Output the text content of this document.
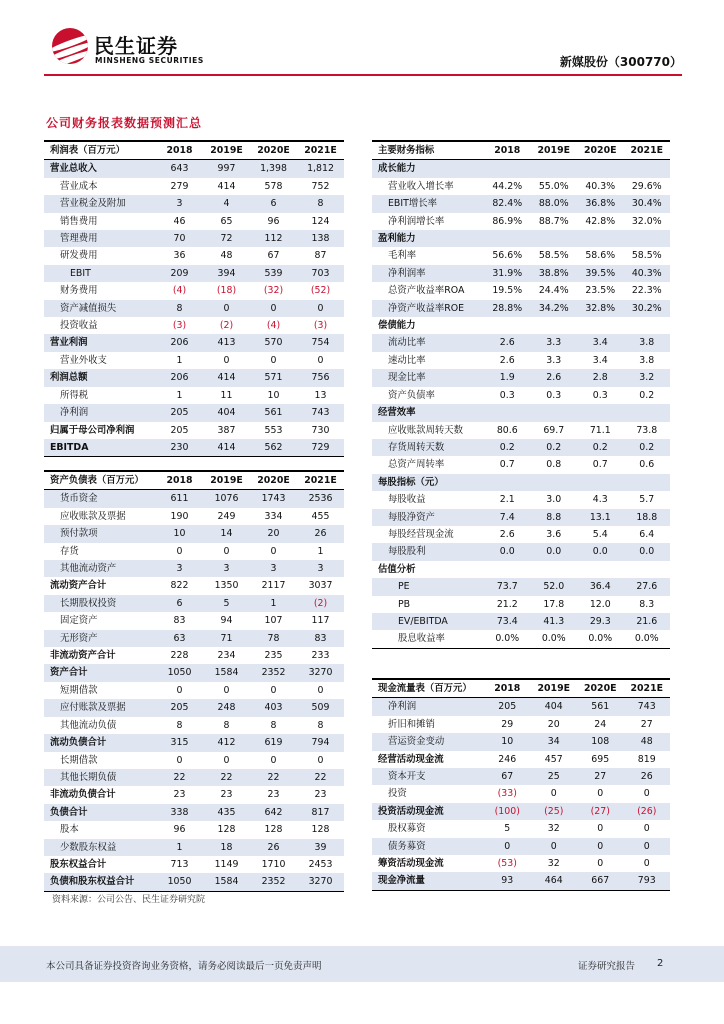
民生证券
MINSHENG SECURITIES	新媒股份（300770）
公司财务报表数据预测汇总
利润表（百万元）	2018	2019E	2020E	2021E
营业总收入	643	997	1,398	1,812
营业成本	279	414	578	752
营业税金及附加	3	4	6	8
销售费用	46	65	96	124
管理费用	70	72	112	138
研发费用	36	48	67	87
EBIT	209	394	539	703
财务费用	(4)	(18)	(32)	(52)
资产减值损失	8	0	0	0
投资收益	(3)	(2)	(4)	(3)
营业利润	206	413	570	754
营业外收支	1	0	0	0
利润总额	206	414	571	756
所得税	1	11	10	13
净利润	205	404	561	743
归属于母公司净利润	205	387	553	730
EBITDA	230	414	562	729
资产负债表（百万元）	2018	2019E	2020E	2021E
货币资金	611	1076	1743	2536
应收账款及票据	190	249	334	455
预付款项	10	14	20	26
存货	0	0	0	1
其他流动资产	3	3	3	3
流动资产合计	822	1350	2117	3037
长期股权投资	6	5	1	(2)
固定资产	83	94	107	117
无形资产	63	71	78	83
非流动资产合计	228	234	235	233
资产合计	1050	1584	2352	3270
短期借款	0	0	0	0
应付账款及票据	205	248	403	509
其他流动负债	8	8	8	8
流动负债合计	315	412	619	794
长期借款	0	0	0	0
其他长期负债	22	22	22	22
非流动负债合计	23	23	23	23
负债合计	338	435	642	817
股本	96	128	128	128
少数股东权益	1	18	26	39
股东权益合计	713	1149	1710	2453
负债和股东权益合计	1050	1584	2352	3270
主要财务指标	2018	2019E	2020E	2021E
成长能力				
营业收入增长率	44.2%	55.0%	40.3%	29.6%
EBIT增长率	82.4%	88.0%	36.8%	30.4%
净利润增长率	86.9%	88.7%	42.8%	32.0%
盈利能力				
毛利率	56.6%	58.5%	58.6%	58.5%
净利润率	31.9%	38.8%	39.5%	40.3%
总资产收益率ROA	19.5%	24.4%	23.5%	22.3%
净资产收益率ROE	28.8%	34.2%	32.8%	30.2%
偿债能力				
流动比率	2.6	3.3	3.4	3.8
速动比率	2.6	3.3	3.4	3.8
现金比率	1.9	2.6	2.8	3.2
资产负债率	0.3	0.3	0.3	0.2
经营效率				
应收账款周转天数	80.6	69.7	71.1	73.8
存货周转天数	0.2	0.2	0.2	0.2
总资产周转率	0.7	0.8	0.7	0.6
每股指标（元）				
每股收益	2.1	3.0	4.3	5.7
每股净资产	7.4	8.8	13.1	18.8
每股经营现金流	2.6	3.6	5.4	6.4
每股股利	0.0	0.0	0.0	0.0
估值分析				
PE	73.7	52.0	36.4	27.6
PB	21.2	17.8	12.0	8.3
EV/EBITDA	73.4	41.3	29.3	21.6
股息收益率	0.0%	0.0%	0.0%	0.0%
现金流量表（百万元）	2018	2019E	2020E	2021E
净利润	205	404	561	743
折旧和摊销	29	20	24	27
营运资金变动	10	34	108	48
经营活动现金流	246	457	695	819
资本开支	67	25	27	26
投资	(33)	0	0	0
投资活动现金流	(100)	(25)	(27)	(26)
股权募资	5	32	0	0
债务募资	0	0	0	0
筹资活动现金流	(53)	32	0	0
现金净流量	93	464	667	793
资料来源：公司公告、民生证券研究院
本公司具备证券投资咨询业务资格，请务必阅读最后一页免责声明	证券研究报告 2
